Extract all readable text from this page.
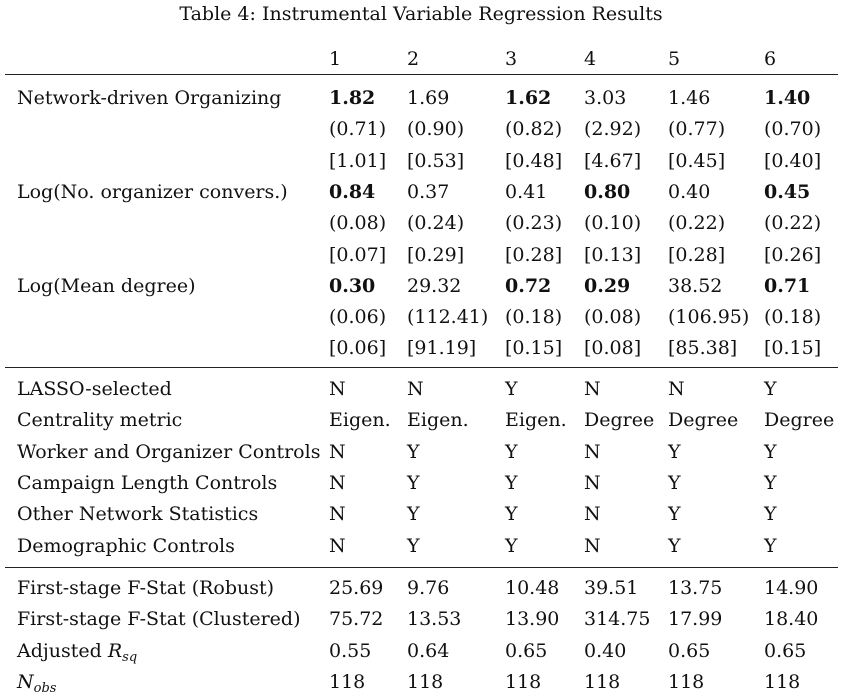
Table 4: Instrumental Variable Regression Results
1	2	3	4	5	6
Network-driven Organizing	1.82 1.69	1.62 3.03 1.46	1.40
(0.71) (0.90) (0.82) (2.92) (0.77) (0.70)
[1.01] [0.53] [0.48] [4.67] [0.45] [0.40]
Log(No. organizer convers.) 0.84 0.37	0.41 0.80 0.40	0.45
(0.08) (0.24) (0.23) (0.10) (0.22) (0.22)
[0.07] [0.29] [0.28] [0.13] [0.28] [0.26]
Log(Mean degree)	0.30 29.32 0.72 0.29 38.52 0.71
(0.06) (112.41) (0.18) (0.08) (106.95) (0.18)
[0.06] [91.19] [0.15] [0.08] [85.38] [0.15]
LASSO-selected	N	N	Y	N	N	Y
Centrality metric	Eigen. Eigen. Eigen. Degree Degree Degree
Worker and Organizer Controls N	Y	Y	N	Y	Y
Campaign Length Controls	N	Y	Y	N	Y	Y
Other Network Statistics	N	Y	Y	N	Y	Y
Demographic Controls	N	Y	Y	N	Y	Y
First-stage F-Stat (Robust)	25.69 9.76	10.48 39.51 13.75 14.90
First-stage F-Stat (Clustered) 75.72 13.53 13.90 314.75 17.99 18.40
Adjusted $R_{sq}$	0.55 0.64	0.65 0.40 0.65	0.65
$N_{obs}$	118 118	118 118	118	118
